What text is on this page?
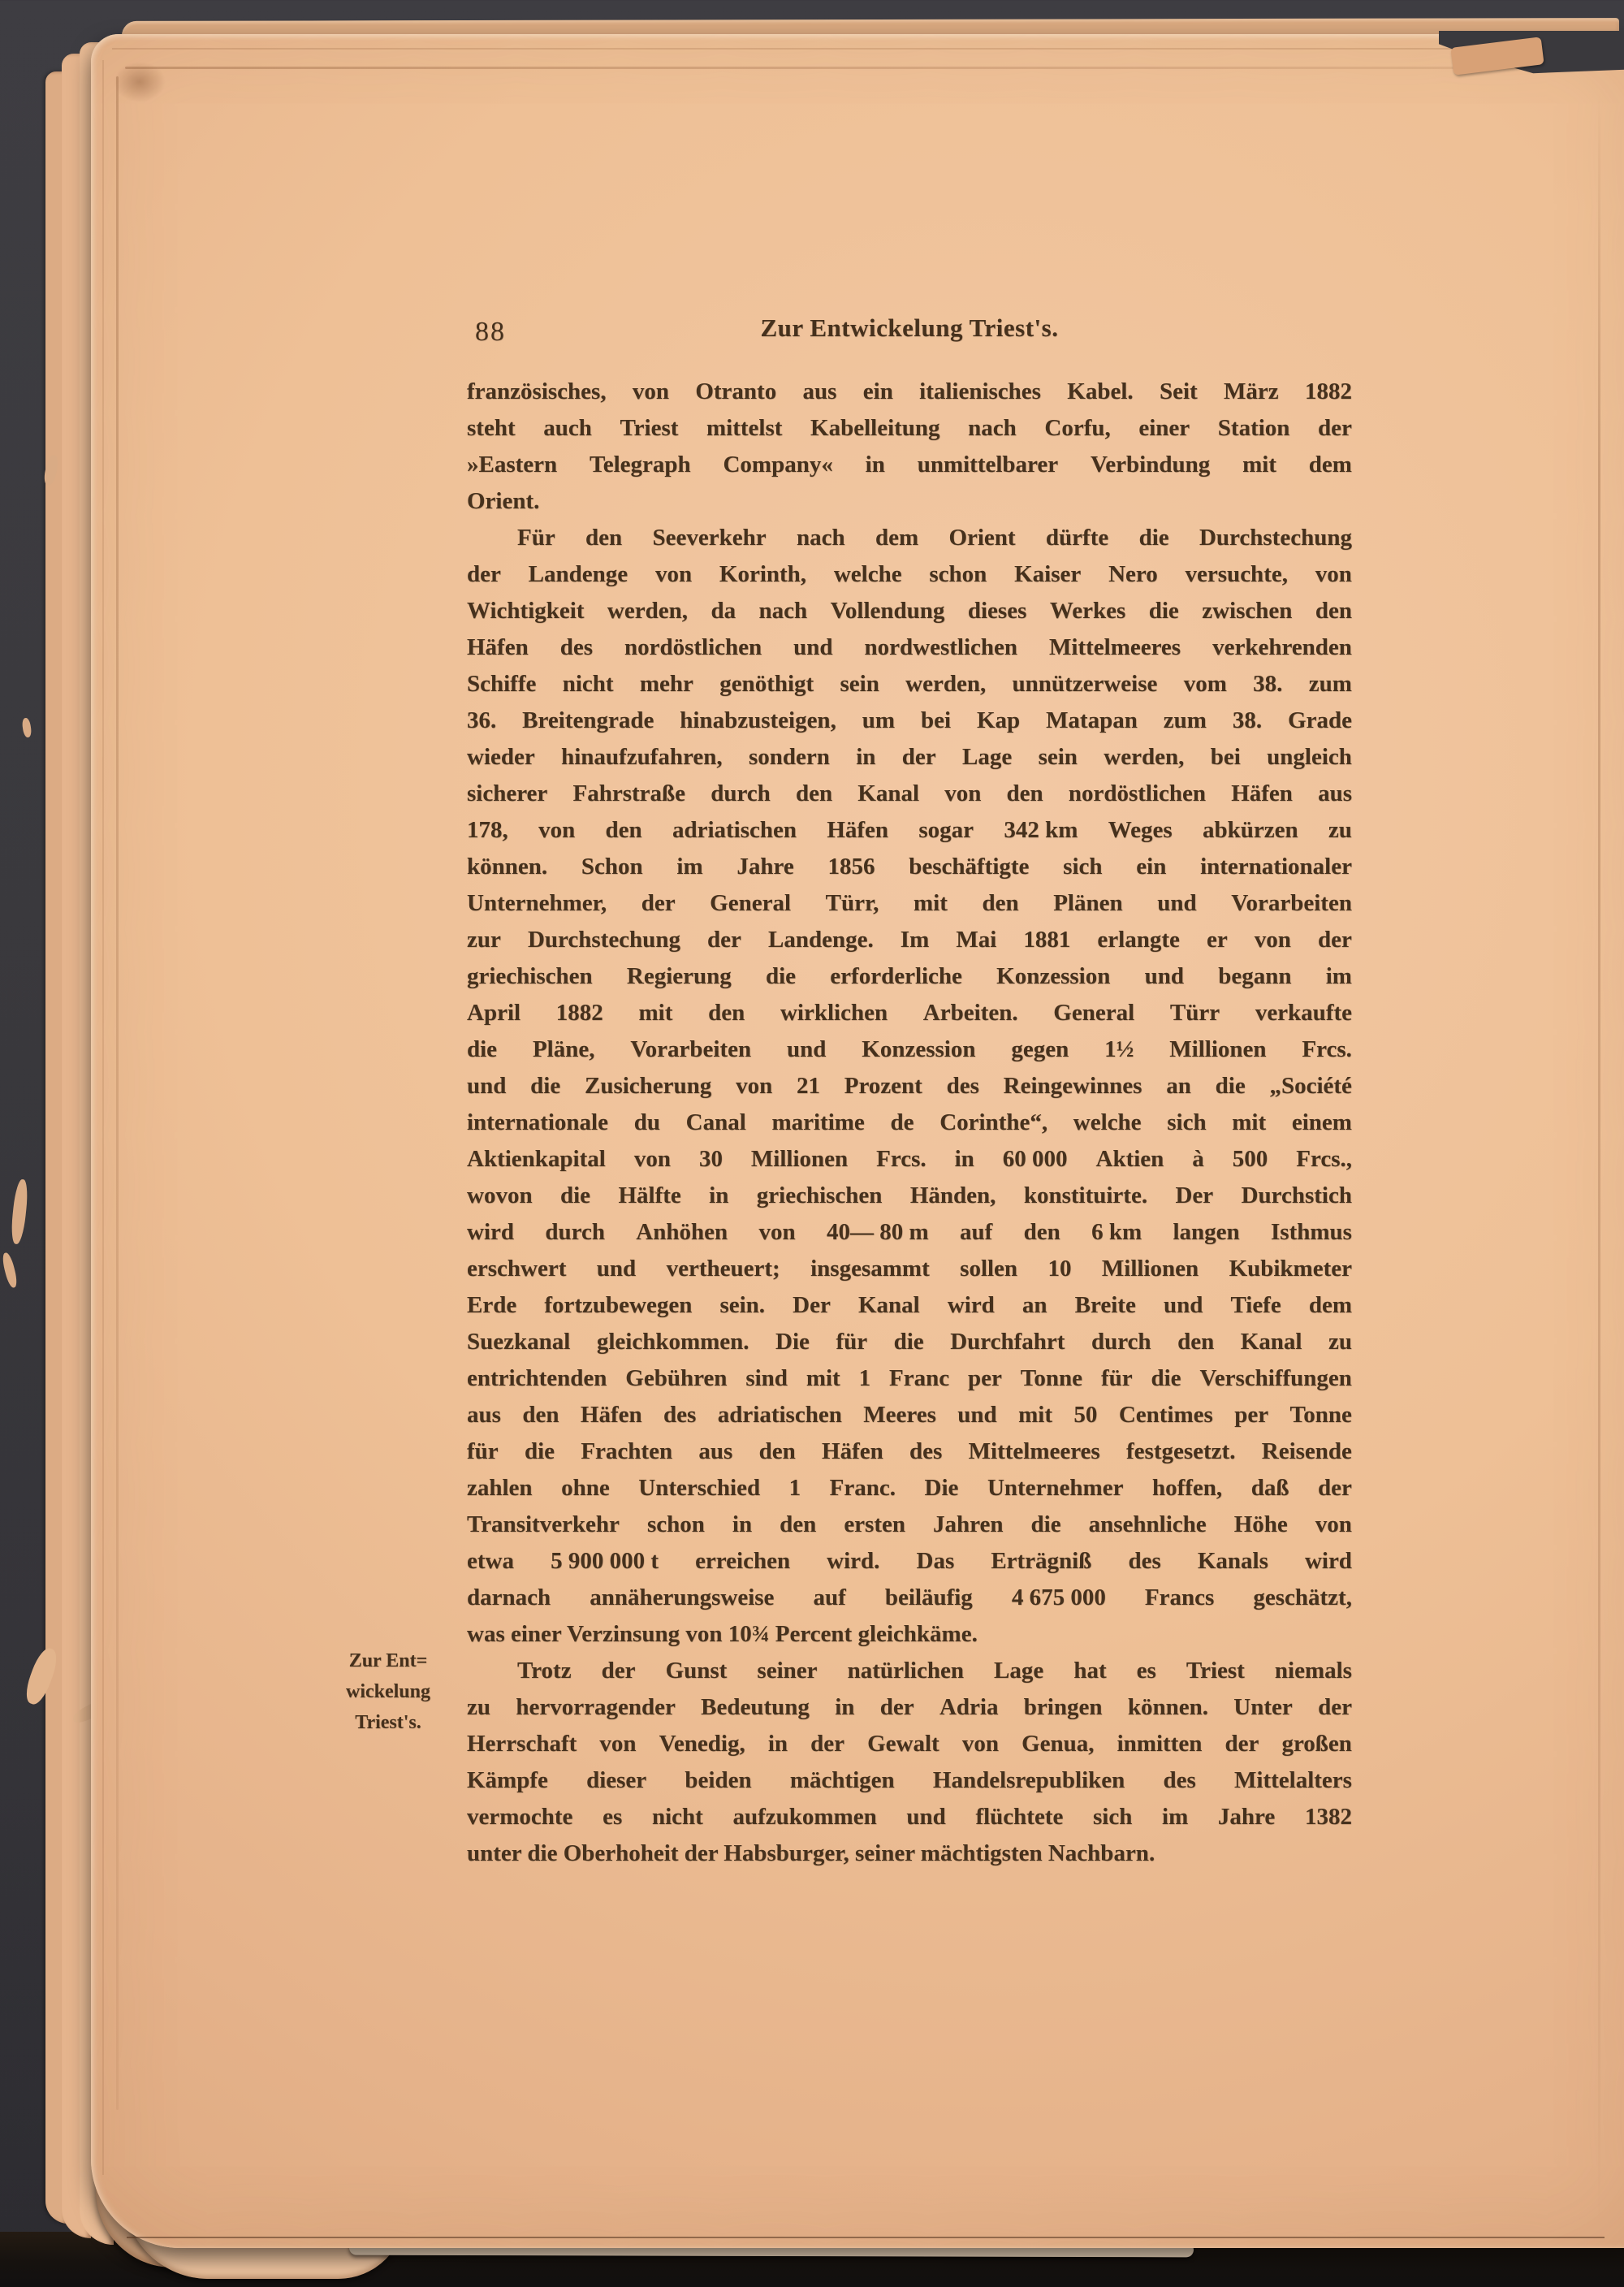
88	Zur Entwickelung Triest's.
Zur Ent=
wickelung
Triest's.
französisches, von Otranto aus ein italienisches Kabel. Seit März 1882
steht auch Triest mittelst Kabelleitung nach Corfu, einer Station der
»Eastern Telegraph Company« in unmittelbarer Verbindung mit dem
Orient.
Für den Seeverkehr nach dem Orient dürfte die Durchstechung
der Landenge von Korinth, welche schon Kaiser Nero versuchte, von
Wichtigkeit werden, da nach Vollendung dieses Werkes die zwischen den
Häfen des nordöstlichen und nordwestlichen Mittelmeeres verkehrenden
Schiffe nicht mehr genöthigt sein werden, unnützerweise vom 38. zum
36. Breitengrade hinabzusteigen, um bei Kap Matapan zum 38. Grade
wieder hinaufzufahren, sondern in der Lage sein werden, bei ungleich
sicherer Fahrstraße durch den Kanal von den nordöstlichen Häfen aus
178, von den adriatischen Häfen sogar 342 km Weges abkürzen zu
können. Schon im Jahre 1856 beschäftigte sich ein internationaler
Unternehmer, der General Türr, mit den Plänen und Vorarbeiten
zur Durchstechung der Landenge. Im Mai 1881 erlangte er von der
griechischen Regierung die erforderliche Konzession und begann im
April 1882 mit den wirklichen Arbeiten. General Türr verkaufte
die Pläne, Vorarbeiten und Konzession gegen 1½ Millionen Frcs.
und die Zusicherung von 21 Prozent des Reingewinnes an die „Société
internationale du Canal maritime de Corinthe“, welche sich mit einem
Aktienkapital von 30 Millionen Frcs. in 60 000 Aktien à 500 Frcs.,
wovon die Hälfte in griechischen Händen, konstituirte. Der Durchstich
wird durch Anhöhen von 40— 80 m auf den 6 km langen Isthmus
erschwert und vertheuert; insgesammt sollen 10 Millionen Kubikmeter
Erde fortzubewegen sein. Der Kanal wird an Breite und Tiefe dem
Suezkanal gleichkommen. Die für die Durchfahrt durch den Kanal zu
entrichtenden Gebühren sind mit 1 Franc per Tonne für die Verschiffungen
aus den Häfen des adriatischen Meeres und mit 50 Centimes per Tonne
für die Frachten aus den Häfen des Mittelmeeres festgesetzt. Reisende
zahlen ohne Unterschied 1 Franc. Die Unternehmer hoffen, daß der
Transitverkehr schon in den ersten Jahren die ansehnliche Höhe von
etwa 5 900 000 t erreichen wird. Das Erträgniß des Kanals wird
darnach annäherungsweise auf beiläufig 4 675 000 Francs geschätzt,
was einer Verzinsung von 10¾ Percent gleichkäme.
Trotz der Gunst seiner natürlichen Lage hat es Triest niemals
zu hervorragender Bedeutung in der Adria bringen können. Unter der
Herrschaft von Venedig, in der Gewalt von Genua, inmitten der großen
Kämpfe dieser beiden mächtigen Handelsrepubliken des Mittelalters
vermochte es nicht aufzukommen und flüchtete sich im Jahre 1382
unter die Oberhoheit der Habsburger, seiner mächtigsten Nachbarn.
